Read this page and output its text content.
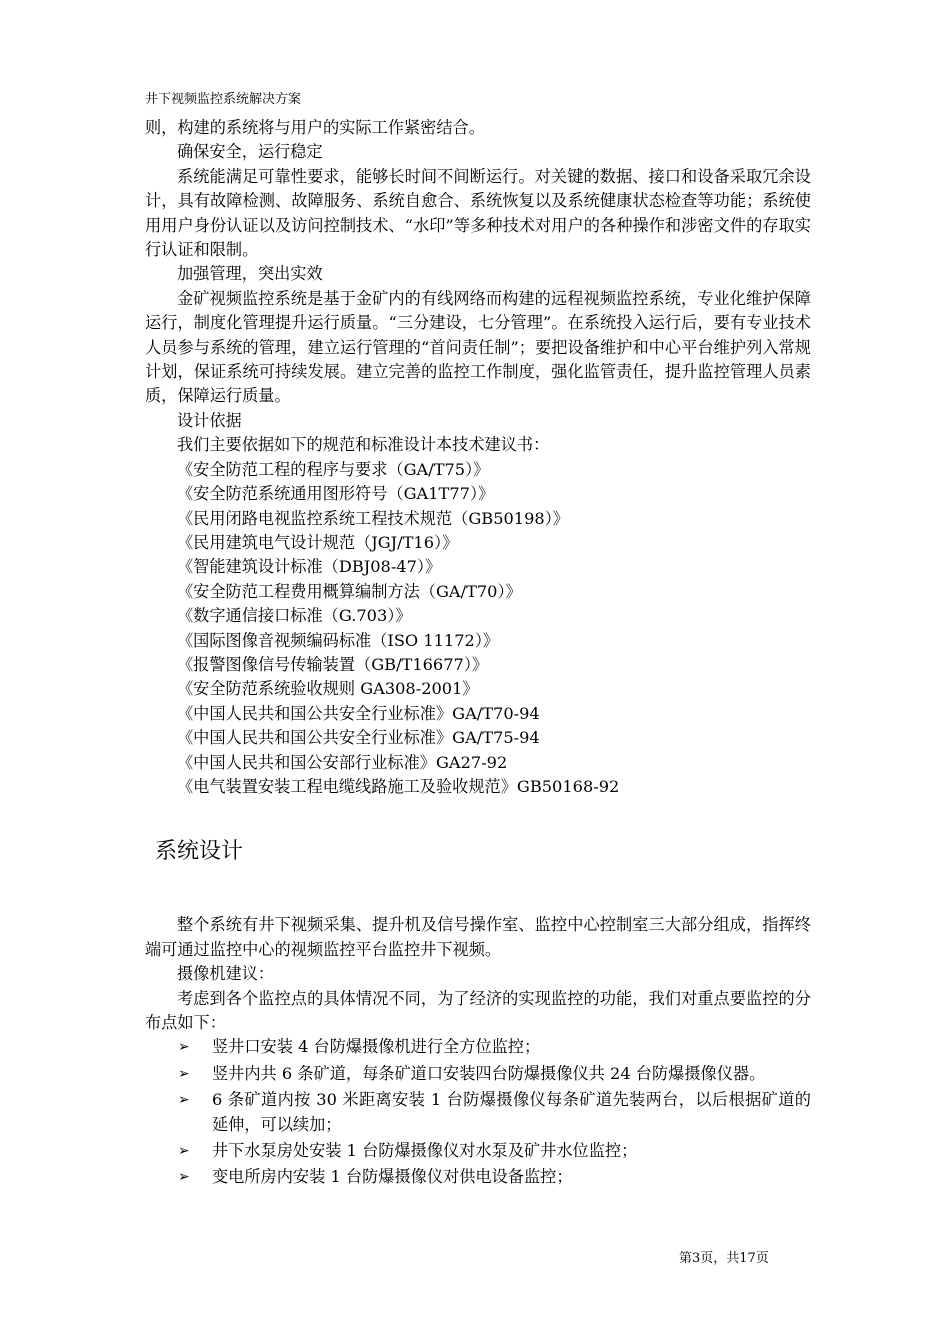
井下视频监控系统解决方案

则，构建的系统将与用户的实际工作紧密结合。

确保安全，运行稳定

系统能满足可靠性要求，能够长时间不间断运行。对关键的数据、接口和设备采取冗余设计，具有故障检测、故障服务、系统自愈合、系统恢复以及系统健康状态检查等功能；系统使用用户身份认证以及访问控制技术、“水印”等多种技术对用户的各种操作和涉密文件的存取实行认证和限制。

加强管理，突出实效

金矿视频监控系统是基于金矿内的有线网络而构建的远程视频监控系统，专业化维护保障运行，制度化管理提升运行质量。“三分建设，七分管理”。在系统投入运行后，要有专业技术人员参与系统的管理，建立运行管理的“首问责任制”；要把设备维护和中心平台维护列入常规计划，保证系统可持续发展。建立完善的监控工作制度，强化监管责任，提升监控管理人员素质，保障运行质量。

设计依据

我们主要依据如下的规范和标准设计本技术建议书：

《安全防范工程的程序与要求（GA/T75）》
《安全防范系统通用图形符号（GA1T77）》
《民用闭路电视监控系统工程技术规范（GB50198）》
《民用建筑电气设计规范（JGJ/T16）》
《智能建筑设计标准（DBJ08-47）》
《安全防范工程费用概算编制方法（GA/T70）》
《数字通信接口标准（G.703）》
《国际图像音视频编码标准（ISO 11172）》
《报警图像信号传输装置（GB/T16677）》
《安全防范系统验收规则 GA308-2001》
《中国人民共和国公共安全行业标准》GA/T70-94
《中国人民共和国公共安全行业标准》GA/T75-94
《中国人民共和国公安部行业标准》GA27-92
《电气装置安装工程电缆线路施工及验收规范》GB50168-92
系统设计

整个系统有井下视频采集、提升机及信号操作室、监控中心控制室三大部分组成，指挥终端可通过监控中心的视频监控平台监控井下视频。

摄像机建议：

考虑到各个监控点的具体情况不同，为了经济的实现监控的功能，我们对重点要监控的分布点如下：

➢ 竖井口安装 4 台防爆摄像机进行全方位监控；
➢ 竖井内共 6 条矿道，每条矿道口安装四台防爆摄像仪共 24 台防爆摄像仪器。
➢ 6 条矿道内按 30 米距离安装 1 台防爆摄像仪每条矿道先装两台，以后根据矿道的延伸，可以续加；
➢ 井下水泵房处安装 1 台防爆摄像仪对水泵及矿井水位监控；
➢ 变电所房内安装 1 台防爆摄像仪对供电设备监控；
第3页，共17页
